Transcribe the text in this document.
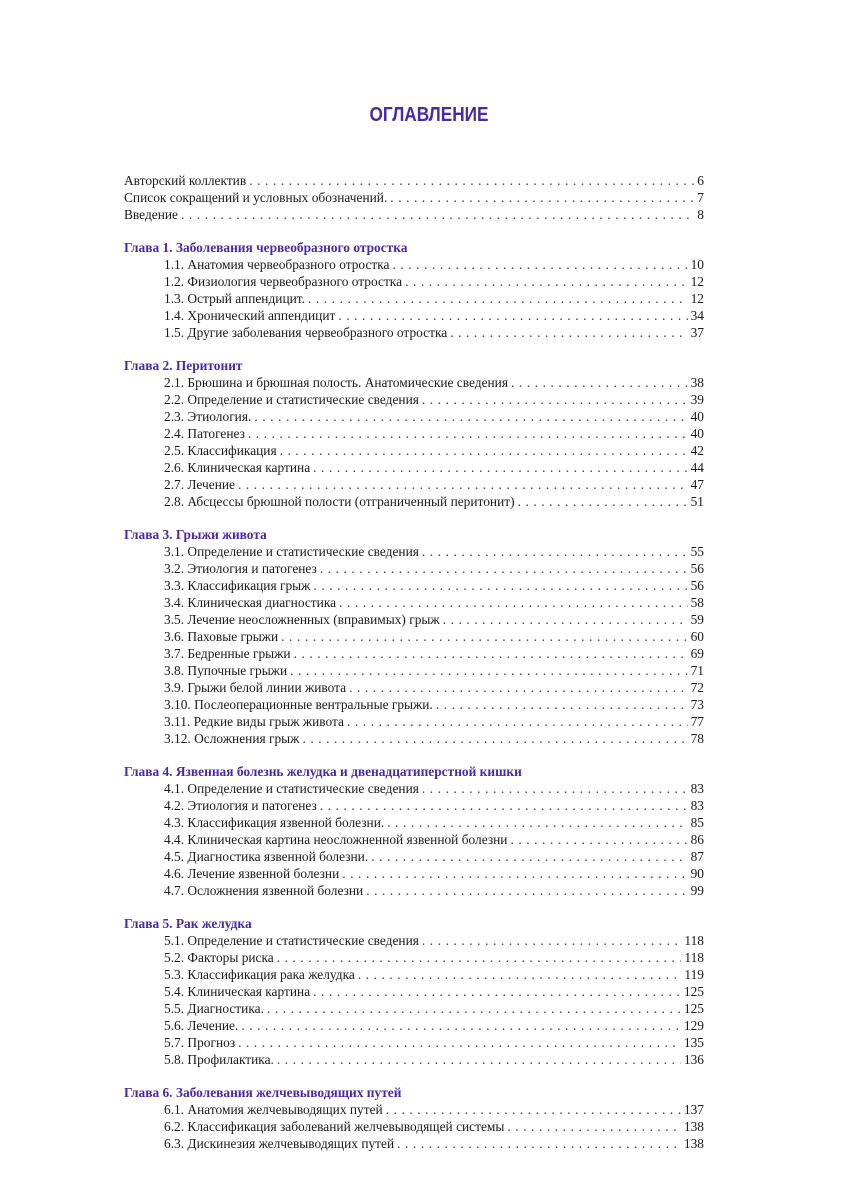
ОГЛАВЛЕНИЕ
Авторский коллектив . . .	6
Список сокращений и условных обозначений. . . .	7
Введение . . .	8
Глава 1. Заболевания червеобразного отростка
1.1. Анатомия червеобразного отростка . . .	10
1.2. Физиология червеобразного отростка . . .	12
1.3. Острый аппендицит. . . .	12
1.4. Хронический аппендицит . . .	34
1.5. Другие заболевания червеобразного отростка . . .	37
Глава 2. Перитонит
2.1. Брюшина и брюшная полость. Анатомические сведения . . .	38
2.2. Определение и статистические сведения . . .	39
2.3. Этиология. . . .	40
2.4. Патогенез . . .	40
2.5. Классификация . . .	42
2.6. Клиническая картина . . .	44
2.7. Лечение . . .	47
2.8. Абсцессы брюшной полости (отграниченный перитонит) . . .	51
Глава 3. Грыжи живота
3.1. Определение и статистические сведения . . .	55
3.2. Этиология и патогенез . . .	56
3.3. Классификация грыж . . .	56
3.4. Клиническая диагностика . . .	58
3.5. Лечение неосложненных (вправимых) грыж . . .	59
3.6. Паховые грыжи . . .	60
3.7. Бедренные грыжи . . .	69
3.8. Пупочные грыжи . . .	71
3.9. Грыжи белой линии живота . . .	72
3.10. Послеоперационные вентральные грыжи. . . .	73
3.11. Редкие виды грыж живота . . .	77
3.12. Осложнения грыж . . .	78
Глава 4. Язвенная болезнь желудка и двенадцатиперстной кишки
4.1. Определение и статистические сведения . . .	83
4.2. Этиология и патогенез . . .	83
4.3. Классификация язвенной болезни. . . .	85
4.4. Клиническая картина неосложненной язвенной болезни . . .	86
4.5. Диагностика язвенной болезни. . . .	87
4.6. Лечение язвенной болезни . . .	90
4.7. Осложнения язвенной болезни . . .	99
Глава 5. Рак желудка
5.1. Определение и статистические сведения . . .	118
5.2. Факторы риска . . .	118
5.3. Классификация рака желудка . . .	119
5.4. Клиническая картина . . .	125
5.5. Диагностика. . . .	125
5.6. Лечение. . . .	129
5.7. Прогноз . . .	135
5.8. Профилактика. . . .	136
Глава 6. Заболевания желчевыводящих путей
6.1. Анатомия желчевыводящих путей . . .	137
6.2. Классификация заболеваний желчевыводящей системы . . .	138
6.3. Дискинезия желчевыводящих путей . . .	138
